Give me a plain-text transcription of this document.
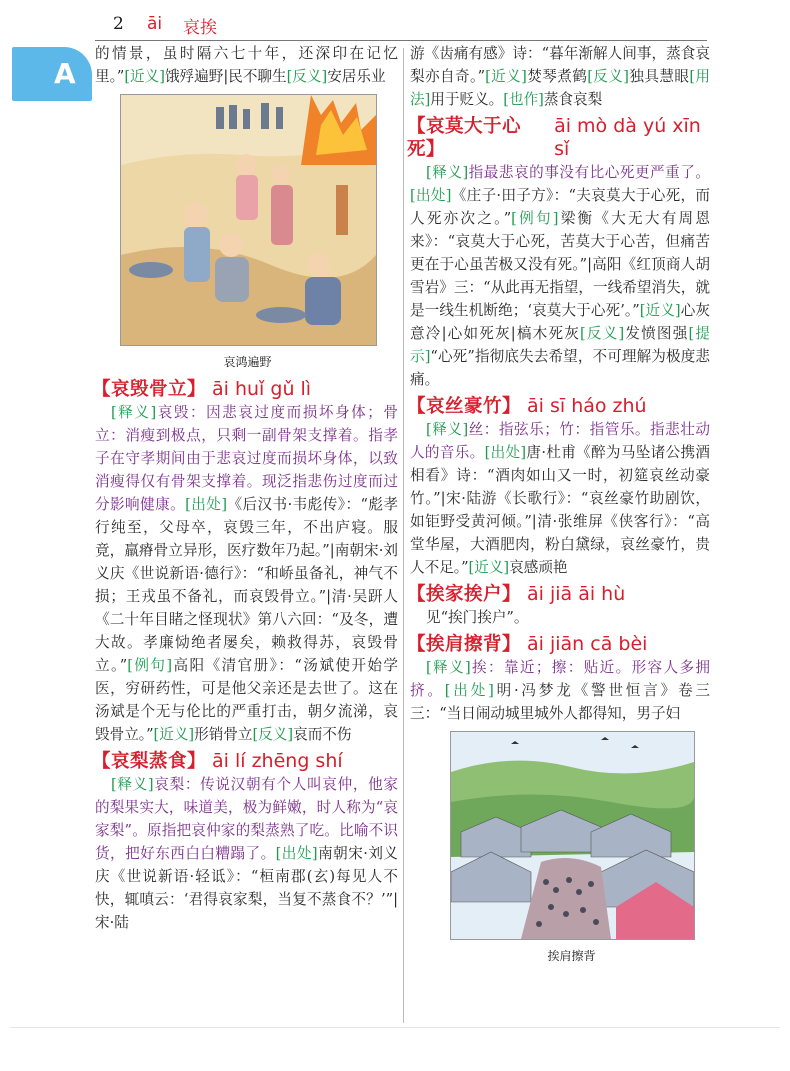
2 āi 哀挨
A

的情景，虽时隔六七十年，还深印在记忆里。”[近义]饿殍遍野|民不聊生[反义]安居乐业

哀鸿遍野
【哀毁骨立】 āi huǐ gǔ lì

[释义]哀毁：因悲哀过度而损坏身体；骨立：消瘦到极点，只剩一副骨架支撑着。指孝子在守孝期间由于悲哀过度而损坏身体，以致消瘦得仅有骨架支撑着。现泛指悲伤过度而过分影响健康。[出处]《后汉书·韦彪传》：“彪孝行纯至，父母卒，哀毁三年，不出庐寝。服竟，羸瘠骨立异形，医疗数年乃起。”|南朝宋·刘义庆《世说新语·德行》：“和峤虽备礼，神气不损；王戎虽不备礼，而哀毁骨立。”|清·吴趼人《二十年目睹之怪现状》第八六回：“及冬，遭大故。孝廉恸绝者屡矣，赖救得苏，哀毁骨立。”[例句]高阳《清官册》：“汤斌使开始学医，穷研药性，可是他父亲还是去世了。这在汤斌是个无与伦比的严重打击，朝夕流涕，哀毁骨立。”[近义]形销骨立[反义]哀而不伤

【哀梨蒸食】 āi lí zhēng shí

[释义]哀梨：传说汉朝有个人叫哀仲，他家的梨果实大，味道美，极为鲜嫩，时人称为“哀家梨”。原指把哀仲家的梨蒸熟了吃。比喻不识货，把好东西白白糟蹋了。[出处]南朝宋·刘义庆《世说新语·轻诋》：“桓南郡(玄)每见人不快，辄嗔云：‘君得哀家梨，当复不蒸食不？’”|宋·陆

游《齿痛有感》诗：“暮年渐解人间事，蒸食哀梨亦自奇。”[近义]焚琴煮鹤[反义]独具慧眼[用法]用于贬义。[也作]蒸食哀梨

【哀莫大于心死】
āi mò dà yú xīn sǐ

[释义]指最悲哀的事没有比心死更严重了。[出处]《庄子·田子方》：“夫哀莫大于心死，而人死亦次之。”[例句]梁衡《大无大有周恩来》：“哀莫大于心死，苦莫大于心苦，但痛苦更在于心虽苦极又没有死。”|高阳《红顶商人胡雪岩》三：“从此再无指望，一线希望消失，就是一线生机断绝；‘哀莫大于心死’。”[近义]心灰意冷|心如死灰|槁木死灰[反义]发愤图强[提示]“心死”指彻底失去希望，不可理解为极度悲痛。

【哀丝豪竹】 āi sī háo zhú

[释义]丝：指弦乐；竹：指管乐。指悲壮动人的音乐。[出处]唐·杜甫《醉为马坠诸公携酒相看》诗：“酒肉如山又一时，初筵哀丝动豪竹。”|宋·陆游《长歌行》：“哀丝豪竹助剧饮，如钜野受黄河倾。”|清·张维屏《侠客行》：“高堂华屋，大酒肥肉，粉白黛绿，哀丝豪竹，贵人不足。”[近义]哀感顽艳

【挨家挨户】 āi jiā āi hù

见“挨门挨户”。

【挨肩擦背】 āi jiān cā bèi

[释义]挨：靠近；擦：贴近。形容人多拥挤。[出处]明·冯梦龙《警世恒言》卷三三：“当日闹动城里城外人都得知，男子妇

挨肩擦背
